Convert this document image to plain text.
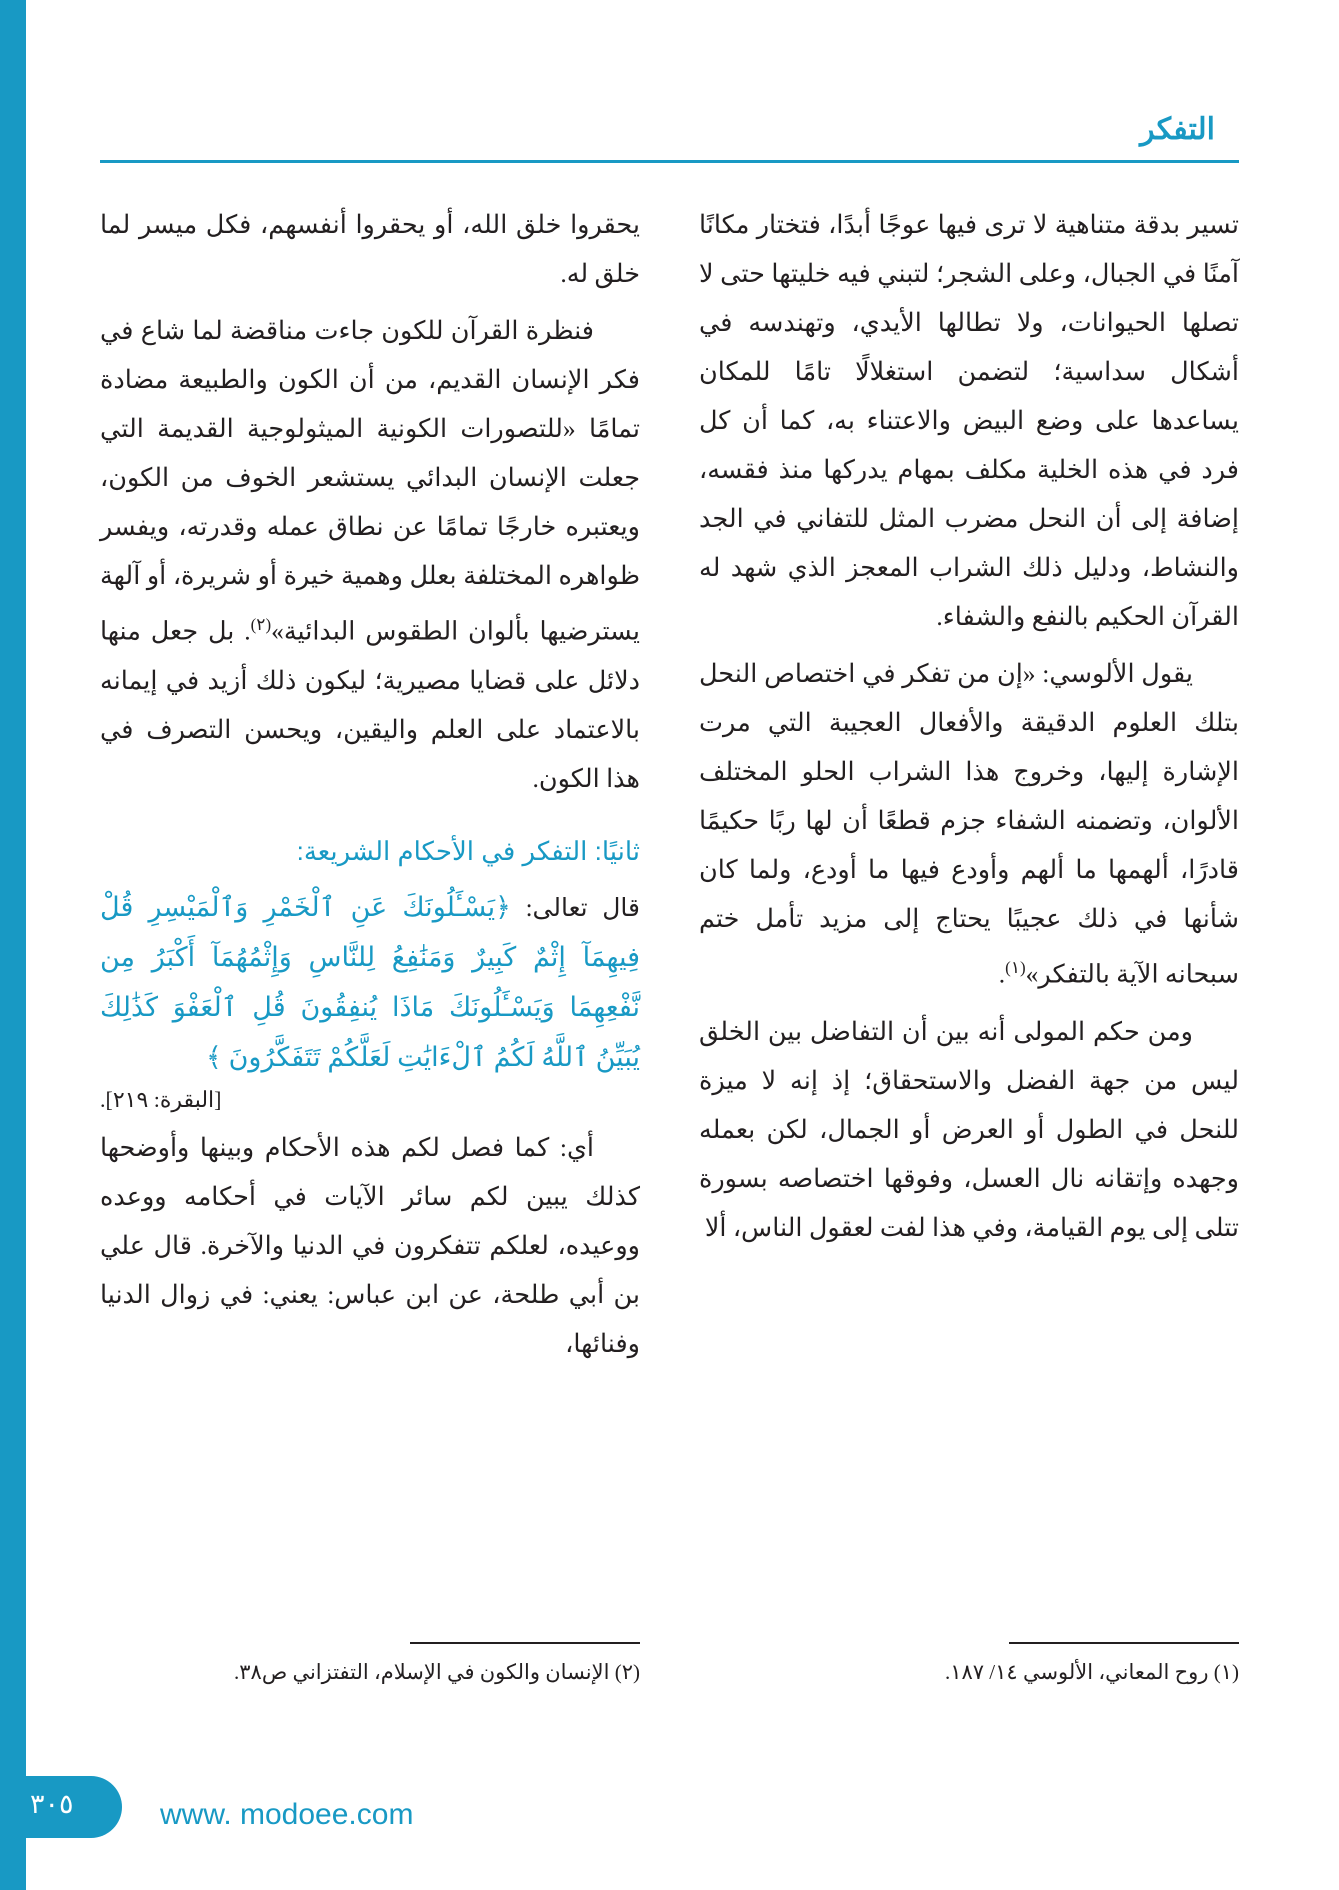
التفكر

تسير بدقة متناهية لا ترى فيها عوجًا أبدًا، فتختار مكانًا آمنًا في الجبال، وعلى الشجر؛ لتبني فيه خليتها حتى لا تصلها الحيوانات، ولا تطالها الأيدي، وتهندسه في أشكال سداسية؛ لتضمن استغلالًا تامًا للمكان يساعدها على وضع البيض والاعتناء به، كما أن كل فرد في هذه الخلية مكلف بمهام يدركها منذ فقسه، إضافة إلى أن النحل مضرب المثل للتفاني في الجد والنشاط، ودليل ذلك الشراب المعجز الذي شهد له القرآن الحكيم بالنفع والشفاء.

يقول الألوسي: «إن من تفكر في اختصاص النحل بتلك العلوم الدقيقة والأفعال العجيبة التي مرت الإشارة إليها، وخروج هذا الشراب الحلو المختلف الألوان، وتضمنه الشفاء جزم قطعًا أن لها ربًا حكيمًا قادرًا، ألهمها ما ألهم وأودع فيها ما أودع، ولما كان شأنها في ذلك عجيبًا يحتاج إلى مزيد تأمل ختم سبحانه الآية بالتفكر»$^{(١)}$.

ومن حكم المولى أنه بين أن التفاضل بين الخلق ليس من جهة الفضل والاستحقاق؛ إذ إنه لا ميزة للنحل في الطول أو العرض أو الجمال، لكن بعمله وجهده وإتقانه نال العسل، وفوقها اختصاصه بسورة تتلى إلى يوم القيامة، وفي هذا لفت لعقول الناس، ألا

(١) روح المعاني، الألوسي ١٤/ ١٨٧.

يحقروا خلق الله، أو يحقروا أنفسهم، فكل ميسر لما خلق له.

فنظرة القرآن للكون جاءت مناقضة لما شاع في فكر الإنسان القديم، من أن الكون والطبيعة مضادة تمامًا «للتصورات الكونية الميثولوجية القديمة التي جعلت الإنسان البدائي يستشعر الخوف من الكون، ويعتبره خارجًا تمامًا عن نطاق عمله وقدرته، ويفسر ظواهره المختلفة بعلل وهمية خيرة أو شريرة، أو آلهة يسترضيها بألوان الطقوس البدائية»$^{(٢)}$. بل جعل منها دلائل على قضايا مصيرية؛ ليكون ذلك أزيد في إيمانه بالاعتماد على العلم واليقين، ويحسن التصرف في هذا الكون.

ثانيًا: التفكر في الأحكام الشريعة:

قال تعالى: ﴿يَسْـَٔلُونَكَ عَنِ ٱلْخَمْرِ وَٱلْمَيْسِرِ قُلْ فِيهِمَآ إِثْمٌ كَبِيرٌ وَمَنَٰفِعُ لِلنَّاسِ وَإِثْمُهُمَآ أَكْبَرُ مِن نَّفْعِهِمَا وَيَسْـَٔلُونَكَ مَاذَا يُنفِقُونَ قُلِ ٱلْعَفْوَ كَذَٰلِكَ يُبَيِّنُ ٱللَّهُ لَكُمُ ٱلْءَايَٰتِ لَعَلَّكُمْ تَتَفَكَّرُونَ ﴾

[البقرة: ٢١٩].

أي: كما فصل لكم هذه الأحكام وبينها وأوضحها كذلك يبين لكم سائر الآيات في أحكامه ووعده ووعيده، لعلكم تتفكرون في الدنيا والآخرة. قال علي بن أبي طلحة، عن ابن عباس: يعني: في زوال الدنيا وفنائها،

(٢) الإنسان والكون في الإسلام، التفتزاني ص٣٨.

٣٠٥	www. modoee.com
